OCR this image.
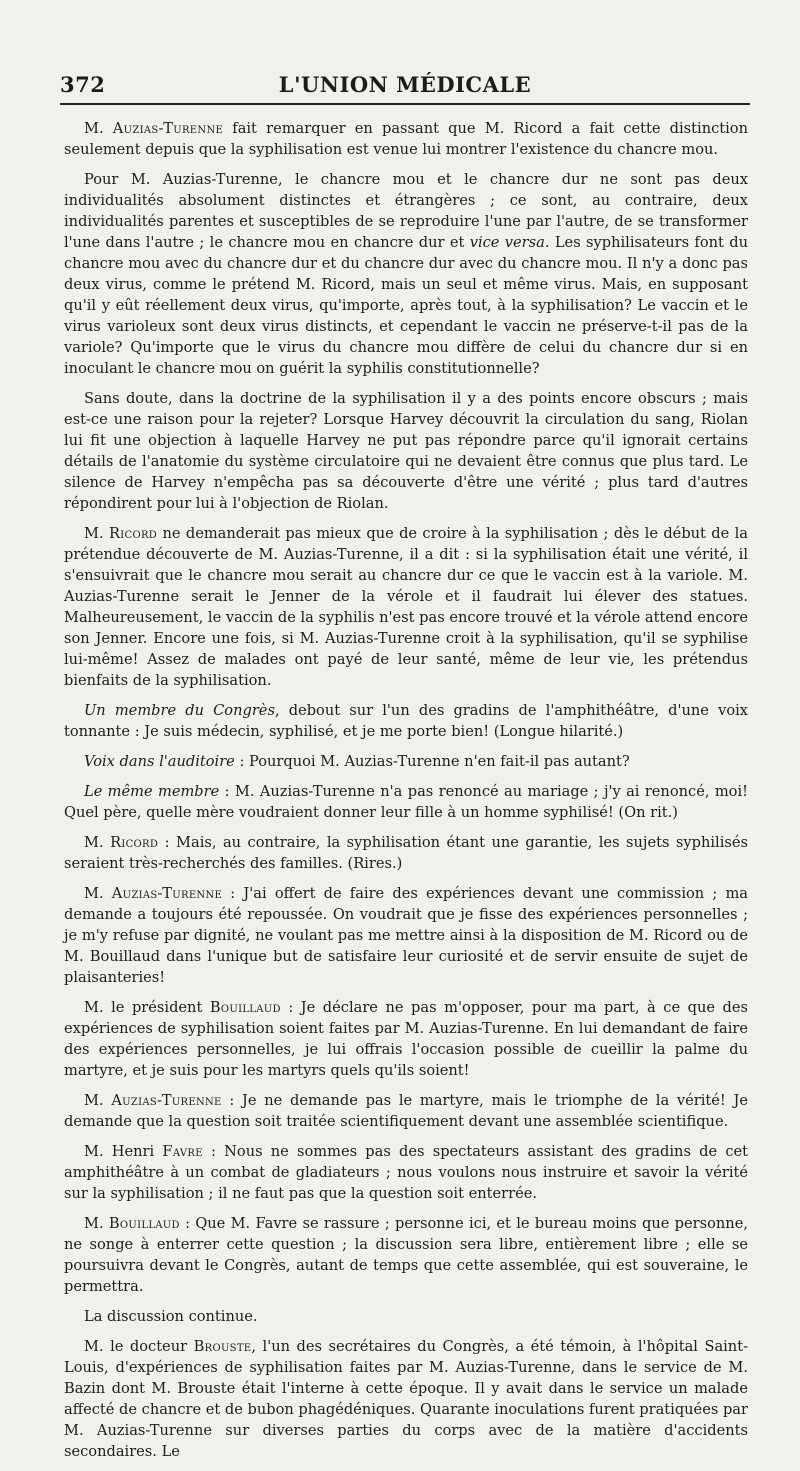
L'UNION MÉDICALE
372

M. Auzias-Turenne fait remarquer en passant que M. Ricord a fait cette distinction seulement depuis que la syphilisation est venue lui montrer l'existence du chancre mou.

Pour M. Auzias-Turenne, le chancre mou et le chancre dur ne sont pas deux individualités absolument distinctes et étrangères ; ce sont, au contraire, deux individualités parentes et susceptibles de se reproduire l'une par l'autre, de se transformer l'une dans l'autre ; le chancre mou en chancre dur et vice versa. Les syphilisateurs font du chancre mou avec du chancre dur et du chancre dur avec du chancre mou. Il n'y a donc pas deux virus, comme le prétend M. Ricord, mais un seul et même virus. Mais, en supposant qu'il y eût réellement deux virus, qu'importe, après tout, à la syphilisation? Le vaccin et le virus varioleux sont deux virus distincts, et cependant le vaccin ne préserve-t-il pas de la variole? Qu'importe que le virus du chancre mou diffère de celui du chancre dur si en inoculant le chancre mou on guérit la syphilis constitutionnelle?

Sans doute, dans la doctrine de la syphilisation il y a des points encore obscurs ; mais est-ce une raison pour la rejeter? Lorsque Harvey découvrit la circulation du sang, Riolan lui fit une objection à laquelle Harvey ne put pas répondre parce qu'il ignorait certains détails de l'anatomie du système circulatoire qui ne devaient être connus que plus tard. Le silence de Harvey n'empêcha pas sa découverte d'être une vérité ; plus tard d'autres répondirent pour lui à l'objection de Riolan.

M. Ricord ne demanderait pas mieux que de croire à la syphilisation ; dès le début de la prétendue découverte de M. Auzias-Turenne, il a dit : si la syphilisation était une vérité, il s'ensuivrait que le chancre mou serait au chancre dur ce que le vaccin est à la variole. M. Auzias-Turenne serait le Jenner de la vérole et il faudrait lui élever des statues. Malheureusement, le vaccin de la syphilis n'est pas encore trouvé et la vérole attend encore son Jenner. Encore une fois, si M. Auzias-Turenne croit à la syphilisation, qu'il se syphilise lui-même! Assez de malades ont payé de leur santé, même de leur vie, les prétendus bienfaits de la syphilisation.

Un membre du Congrès, debout sur l'un des gradins de l'amphithéâtre, d'une voix tonnante : Je suis médecin, syphilisé, et je me porte bien! (Longue hilarité.)

Voix dans l'auditoire : Pourquoi M. Auzias-Turenne n'en fait-il pas autant?

Le même membre : M. Auzias-Turenne n'a pas renoncé au mariage ; j'y ai renoncé, moi! Quel père, quelle mère voudraient donner leur fille à un homme syphilisé! (On rit.)

M. Ricord : Mais, au contraire, la syphilisation étant une garantie, les sujets syphilisés seraient très-recherchés des familles. (Rires.)

M. Auzias-Turenne : J'ai offert de faire des expériences devant une commission ; ma demande a toujours été repoussée. On voudrait que je fisse des expériences personnelles ; je m'y refuse par dignité, ne voulant pas me mettre ainsi à la disposition de M. Ricord ou de M. Bouillaud dans l'unique but de satisfaire leur curiosité et de servir ensuite de sujet de plaisanteries!

M. le président Bouillaud : Je déclare ne pas m'opposer, pour ma part, à ce que des expériences de syphilisation soient faites par M. Auzias-Turenne. En lui demandant de faire des expériences personnelles, je lui offrais l'occasion possible de cueillir la palme du martyre, et je suis pour les martyrs quels qu'ils soient!

M. Auzias-Turenne : Je ne demande pas le martyre, mais le triomphe de la vérité! Je demande que la question soit traitée scientifiquement devant une assemblée scientifique.

M. Henri Favre : Nous ne sommes pas des spectateurs assistant des gradins de cet amphithéâtre à un combat de gladiateurs ; nous voulons nous instruire et savoir la vérité sur la syphilisation ; il ne faut pas que la question soit enterrée.

M. Bouillaud : Que M. Favre se rassure ; personne ici, et le bureau moins que personne, ne songe à enterrer cette question ; la discussion sera libre, entièrement libre ; elle se poursuivra devant le Congrès, autant de temps que cette assemblée, qui est souveraine, le permettra.

La discussion continue.

M. le docteur Brouste, l'un des secrétaires du Congrès, a été témoin, à l'hôpital Saint-Louis, d'expériences de syphilisation faites par M. Auzias-Turenne, dans le service de M. Bazin dont M. Brouste était l'interne à cette époque. Il y avait dans le service un malade affecté de chancre et de bubon phagédéniques. Quarante inoculations furent pratiquées par M. Auzias-Turenne sur diverses parties du corps avec de la matière d'accidents secondaires. Le
